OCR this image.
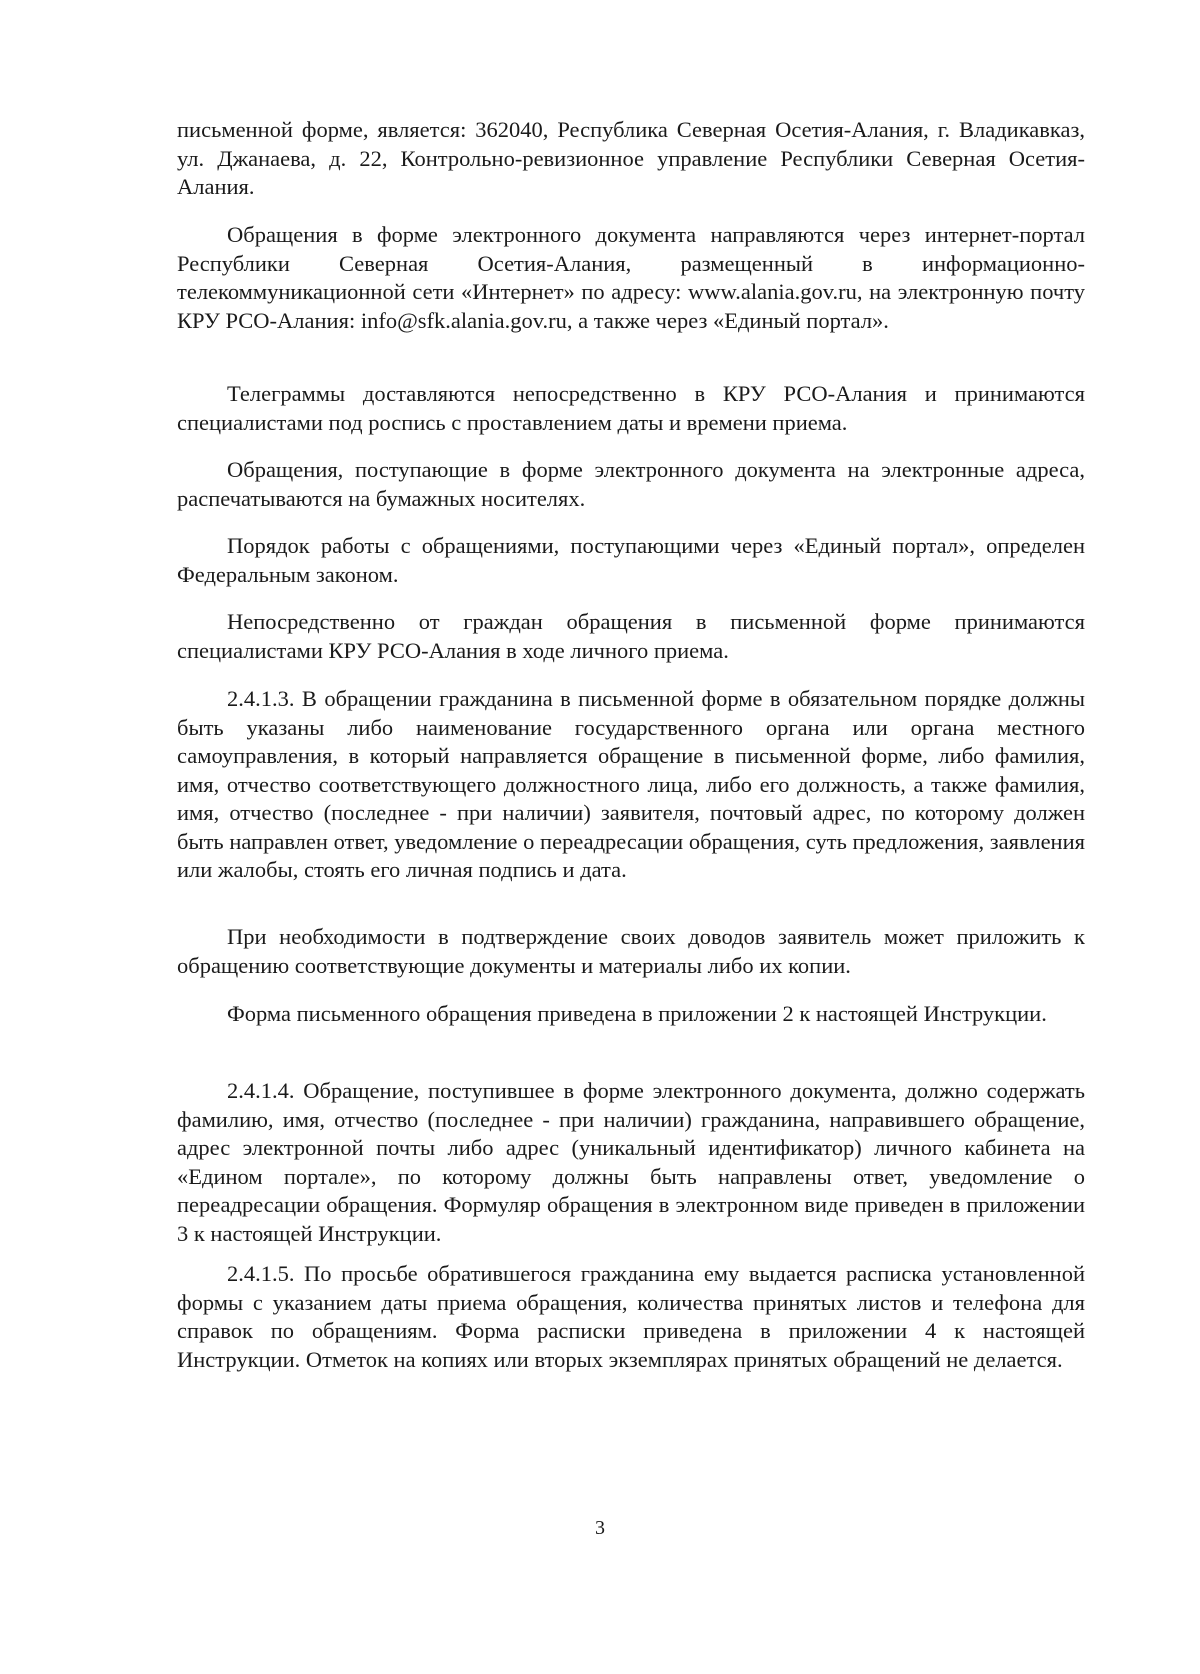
письменной форме, является: 362040, Республика Северная Осетия-Алания, г. Владикавказ, ул. Джанаева, д. 22, Контрольно-ревизионное управление Республики Северная Осетия-Алания.

Обращения в форме электронного документа направляются через интернет-портал Республики Северная Осетия-Алания, размещенный в информационно-телекоммуникационной сети «Интернет» по адресу: www.alania.gov.ru, на электронную почту КРУ РСО-Алания: info@sfk.alania.gov.ru, а также через «Единый портал».

Телеграммы доставляются непосредственно в КРУ РСО-Алания и принимаются специалистами под роспись с проставлением даты и времени приема.

Обращения, поступающие в форме электронного документа на электронные адреса, распечатываются на бумажных носителях.

Порядок работы с обращениями, поступающими через «Единый портал», определен Федеральным законом.

Непосредственно от граждан обращения в письменной форме принимаются специалистами КРУ РСО-Алания в ходе личного приема.

2.4.1.3. В обращении гражданина в письменной форме в обязательном порядке должны быть указаны либо наименование государственного органа или органа местного самоуправления, в который направляется обращение в письменной форме, либо фамилия, имя, отчество соответствующего должностного лица, либо его должность, а также фамилия, имя, отчество (последнее - при наличии) заявителя, почтовый адрес, по которому должен быть направлен ответ, уведомление о переадресации обращения, суть предложения, заявления или жалобы, стоять его личная подпись и дата.

При необходимости в подтверждение своих доводов заявитель может приложить к обращению соответствующие документы и материалы либо их копии.

Форма письменного обращения приведена в приложении 2 к настоящей Инструкции.

2.4.1.4. Обращение, поступившее в форме электронного документа, должно содержать фамилию, имя, отчество (последнее - при наличии) гражданина, направившего обращение, адрес электронной почты либо адрес (уникальный идентификатор) личного кабинета на «Едином портале», по которому должны быть направлены ответ, уведомление о переадресации обращения. Формуляр обращения в электронном виде приведен в приложении 3 к настоящей Инструкции.

2.4.1.5. По просьбе обратившегося гражданина ему выдается расписка установленной формы с указанием даты приема обращения, количества принятых листов и телефона для справок по обращениям. Форма расписки приведена в приложении 4 к настоящей Инструкции. Отметок на копиях или вторых экземплярах принятых обращений не делается.

3
